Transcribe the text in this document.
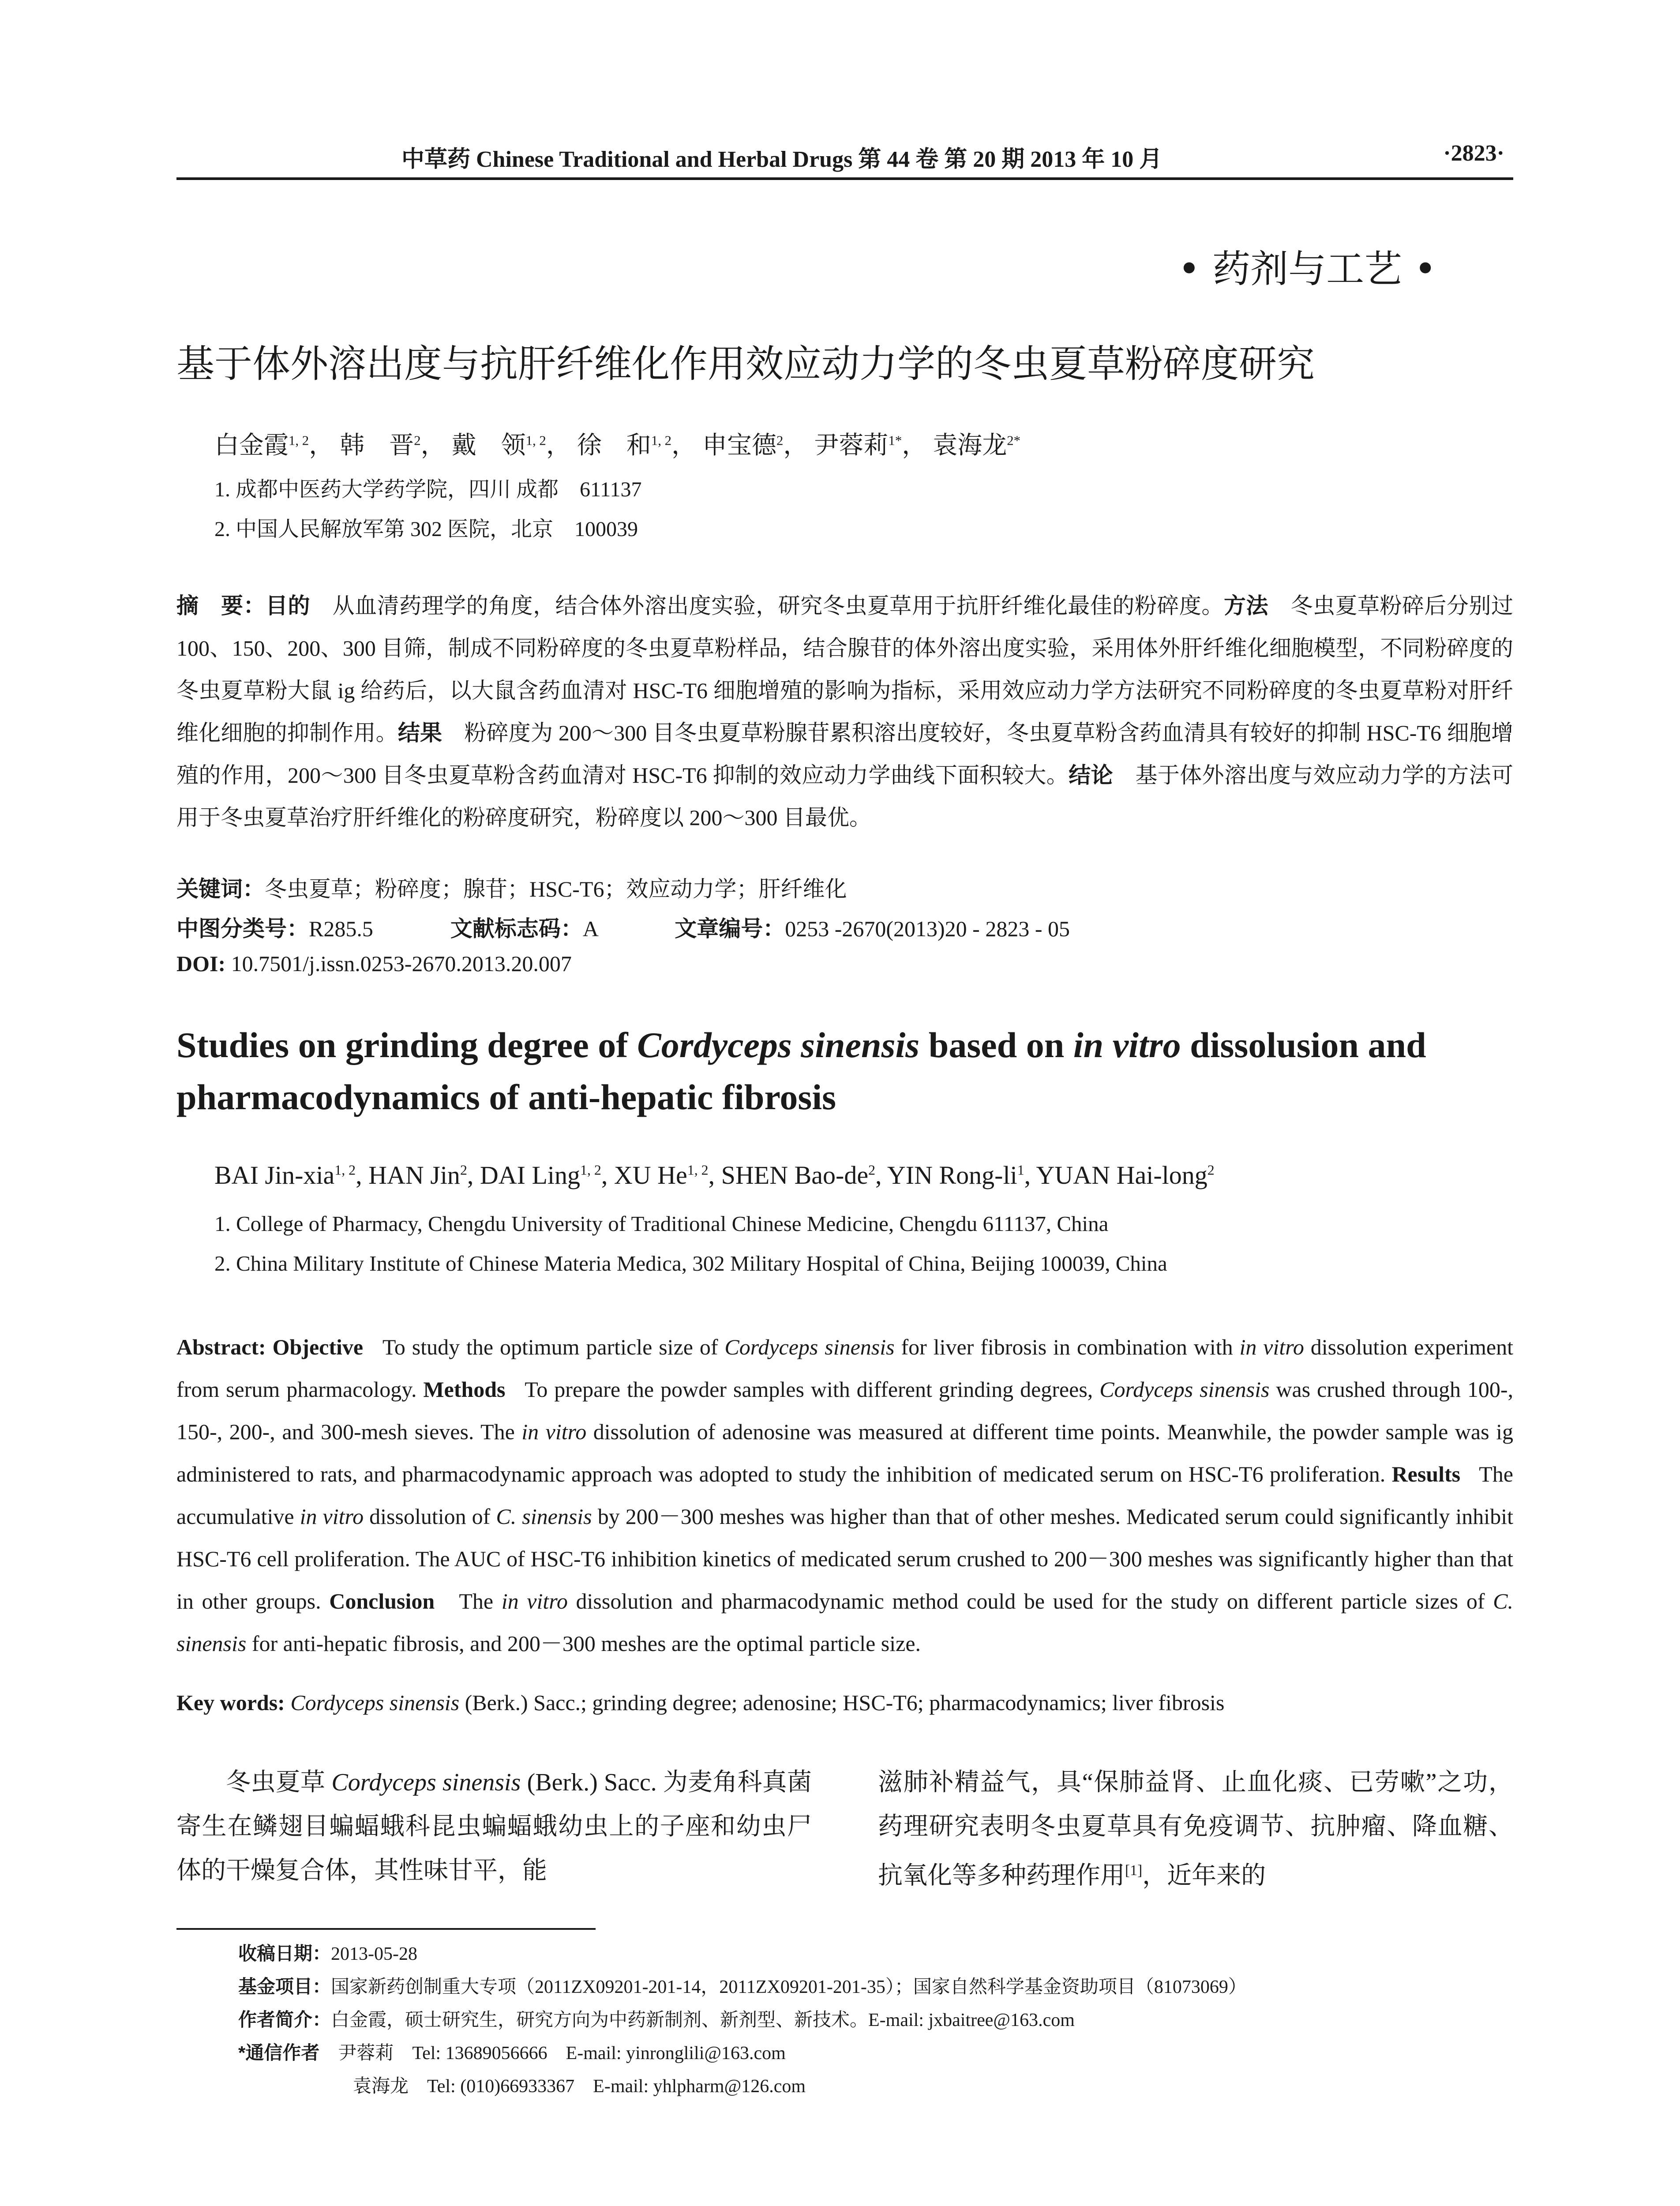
中草药 Chinese Traditional and Herbal Drugs 第 44 卷 第 20 期 2013 年 10 月	·2823·
• 药剂与工艺 •
基于体外溶出度与抗肝纤维化作用效应动力学的冬虫夏草粉碎度研究
白金霞$^{1, 2}$， 韩　晋$^2$， 戴　领$^{1, 2}$， 徐　和$^{1, 2}$， 申宝德$^2$， 尹蓉莉$^{1*}$， 袁海龙$^{2*}$
1. 成都中医药大学药学院，四川 成都　611137
2. 中国人民解放军第 302 医院，北京　100039
摘　要：目的　 从血清药理学的角度，结合体外溶出度实验，研究冬虫夏草用于抗肝纤维化最佳的粉碎度。方法　 冬虫夏草粉碎后分别过 100、150、200、300 目筛，制成不同粉碎度的冬虫夏草粉样品，结合腺苷的体外溶出度实验，采用体外肝纤维化细胞模型，不同粉碎度的冬虫夏草粉大鼠 ig 给药后，以大鼠含药血清对 HSC-T6 细胞增殖的影响为指标，采用效应动力学方法研究不同粉碎度的冬虫夏草粉对肝纤维化细胞的抑制作用。结果　 粉碎度为 200～300 目冬虫夏草粉腺苷累积溶出度较好，冬虫夏草粉含药血清具有较好的抑制 HSC-T6 细胞增殖的作用，200～300 目冬虫夏草粉含药血清对 HSC-T6 抑制的效应动力学曲线下面积较大。结论　 基于体外溶出度与效应动力学的方法可用于冬虫夏草治疗肝纤维化的粉碎度研究，粉碎度以 200～300 目最优。
关键词：冬虫夏草；粉碎度；腺苷；HSC-T6；效应动力学；肝纤维化
中图分类号：R285.5	文献标志码：A	文章编号：0253 -2670(2013)20 - 2823 - 05
DOI: 10.7501/j.issn.0253-2670.2013.20.007
Studies on grinding degree of Cordyceps sinensis based on in vitro dissolusion and pharmacodynamics of anti-hepatic fibrosis
BAI Jin-xia$^{1, 2}$, HAN Jin$^2$, DAI Ling$^{1, 2}$, XU He$^{1, 2}$, SHEN Bao-$de^2$, YIN Rong-$li^1$, YUAN Hai-long$^2$
1. College of Pharmacy, Chengdu University of Traditional Chinese Medicine, Chengdu 611137, China
2. China Military Institute of Chinese Materia Medica, 302 Military Hospital of China, Beijing 100039, China
Abstract: Objective To study the optimum particle size of Cordyceps sinensis for liver fibrosis in combination with in vitro dissolution experiment from serum pharmacology. Methods To prepare the powder samples with different grinding degrees, Cordyceps sinensis was crushed through 100-, 150-, 200-, and 300-mesh sieves. The in vitro dissolution of adenosine was measured at different time points. Meanwhile, the powder sample was ig administered to rats, and pharmacodynamic approach was adopted to study the inhibition of medicated serum on HSC-T6 proliferation. Results The accumulative in vitro dissolution of C. sinensis by 200－300 meshes was higher than that of other meshes. Medicated serum could significantly inhibit HSC-T6 cell proliferation. The AUC of HSC-T6 inhibition kinetics of medicated serum crushed to 200－300 meshes was significantly higher than that in other groups. Conclusion The in vitro dissolution and pharmacodynamic method could be used for the study on different particle sizes of C. sinensis for anti-hepatic fibrosis, and 200－300 meshes are the optimal particle size.
Key words: Cordyceps sinensis (Berk.) Sacc.; grinding degree; adenosine; HSC-T6; pharmacodynamics; liver fibrosis
冬虫夏草 Cordyceps sinensis (Berk.) Sacc. 为麦角科真菌寄生在鳞翅目蝙蝠蛾科昆虫蝙蝠蛾幼虫上的子座和幼虫尸体的干燥复合体，其性味甘平，能
滋肺补精益气，具“保肺益肾、止血化痰、已劳嗽”之功，药理研究表明冬虫夏草具有免疫调节、抗肿瘤、降血糖、抗氧化等多种药理作用[1]，近年来的
收稿日期：2013-05-28
基金项目：国家新药创制重大专项（2011ZX09201-201-14，2011ZX09201-201-35）；国家自然科学基金资助项目（81073069）
作者简介：白金霞，硕士研究生，研究方向为中药新制剂、新剂型、新技术。E-mail: jxbaitree@163.com
*通信作者　 尹蓉莉　Tel: 13689056666　E-mail: yinronglili@163.com
袁海龙　Tel: (010)66933367　E-mail: yhlpharm@126.com
